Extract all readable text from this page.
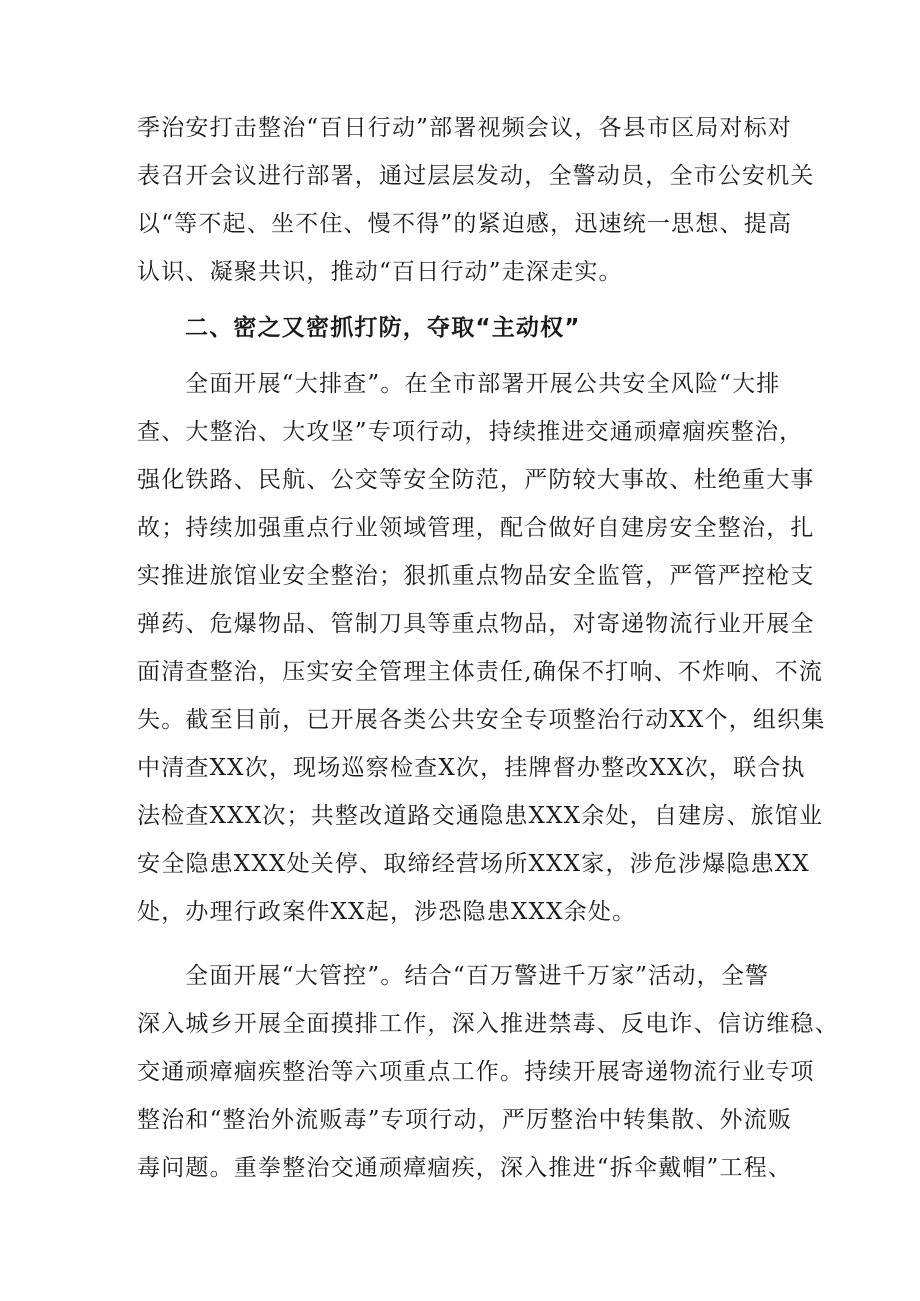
季治安打击整治“百日行动”部署视频会议，各县市区局对标对
表召开会议进行部署，通过层层发动，全警动员，全市公安机关
以“等不起、坐不住、慢不得”的紧迫感，迅速统一思想、提高
认识、凝聚共识，推动“百日行动”走深走实。
二、密之又密抓打防，夺取“主动权”
全面开展“大排查”。在全市部署开展公共安全风险“大排
查、大整治、大攻坚”专项行动，持续推进交通顽瘴痼疾整治，
强化铁路、民航、公交等安全防范，严防较大事故、杜绝重大事
故；持续加强重点行业领域管理，配合做好自建房安全整治，扎
实推进旅馆业安全整治；狠抓重点物品安全监管，严管严控枪支
弹药、危爆物品、管制刀具等重点物品，对寄递物流行业开展全
面清查整治，压实安全管理主体责任,确保不打响、不炸响、不流
失。截至目前，已开展各类公共安全专项整治行动XX个，组织集
中清查XX次，现场巡察检查X次，挂牌督办整改XX次，联合执
法检查XXX次；共整改道路交通隐患XXX余处，自建房、旅馆业
安全隐患XXX处关停、取缔经营场所XXX家，涉危涉爆隐患XX
处，办理行政案件XX起，涉恐隐患XXX余处。
全面开展“大管控”。结合“百万警进千万家”活动，全警
深入城乡开展全面摸排工作，深入推进禁毒、反电诈、信访维稳、
交通顽瘴痼疾整治等六项重点工作。持续开展寄递物流行业专项
整治和“整治外流贩毒”专项行动，严厉整治中转集散、外流贩
毒问题。重拳整治交通顽瘴痼疾，深入推进“拆伞戴帽”工程、
